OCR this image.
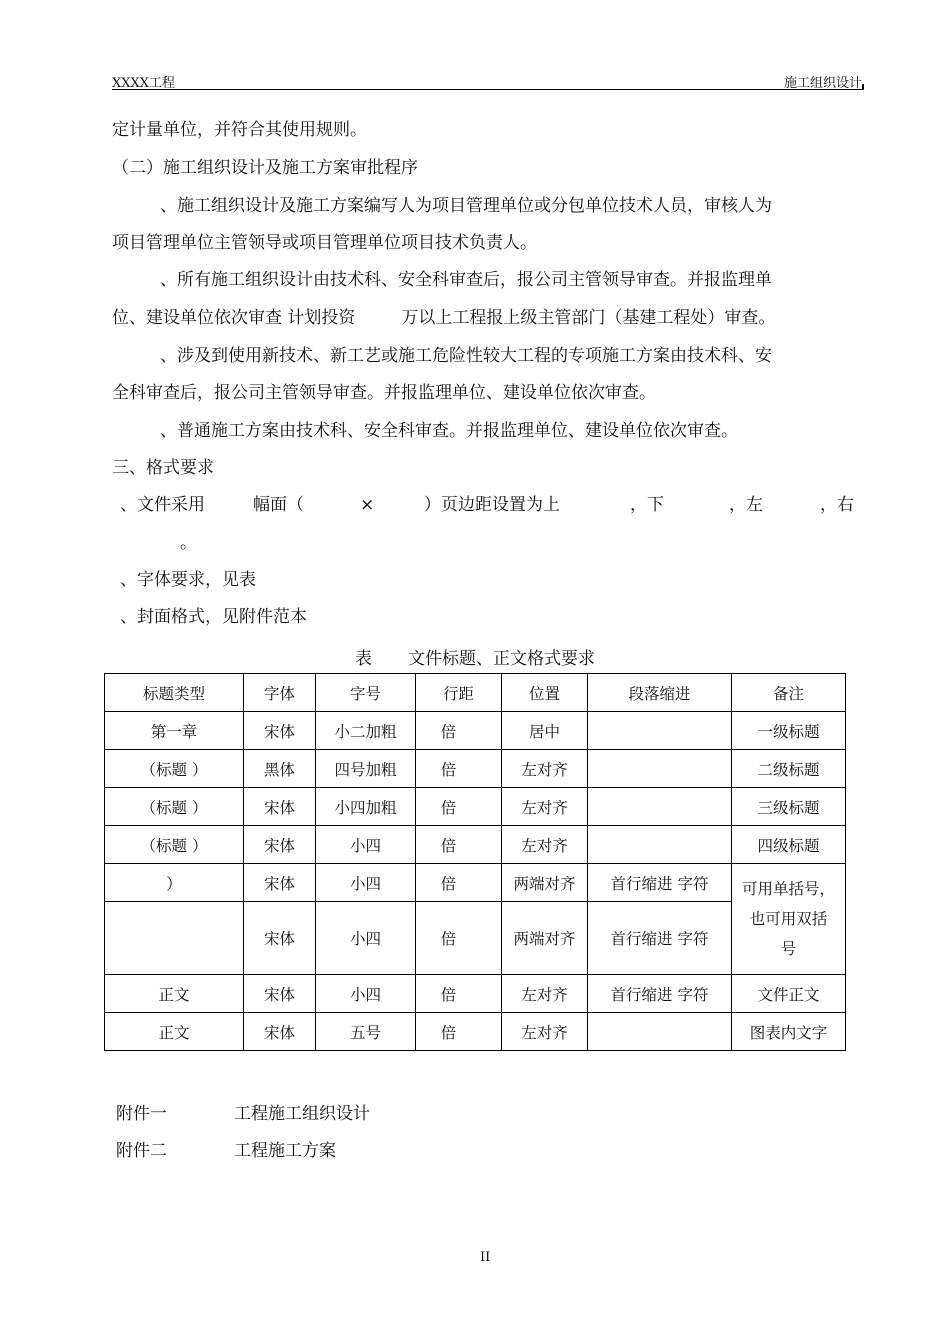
XXXX工程	施工组织设计
定计量单位，并符合其使用规则。
（二）施工组织设计及施工方案审批程序
、施工组织设计及施工方案编写人为项目管理单位或分包单位技术人员，审核人为
项目管理单位主管领导或项目管理单位项目技术负责人。
、所有施工组织设计由技术科、安全科审查后，报公司主管领导审查。并报监理单
位、建设单位依次审查 计划投资	万以上工程报上级主管部门（基建工程处）审查。
、涉及到使用新技术、新工艺或施工危险性较大工程的专项施工方案由技术科、安
全科审查后，报公司主管领导审查。并报监理单位、建设单位依次审查。
、普通施工方案由技术科、安全科审查。并报监理单位、建设单位依次审查。
三、格式要求
、文件采用	幅面（	×	）页边距设置为上	，下	，左	，右
。
、字体要求，见表
、封面格式，见附件范本
表 文件标题、正文格式要求
标题类型	字体	字号	行距	位置	段落缩进	备注
第一章	宋体	小二加粗	倍	居中		一级标题
（标题 ）	黑体	四号加粗	倍	左对齐		二级标题
（标题 ）	宋体	小四加粗	倍	左对齐		三级标题
（标题 ）	宋体	小四	倍	左对齐		四级标题
）	宋体	小四	倍	两端对齐	首行缩进 字符	可用单括号，
也可用双括
号

	宋体	小四	倍	两端对齐	首行缩进 字符	
正文	宋体	小四	倍	左对齐	首行缩进 字符	文件正文
正文	宋体	五号	倍	左对齐		图表内文字
附件一	工程施工组织设计
附件二	工程施工方案
II
